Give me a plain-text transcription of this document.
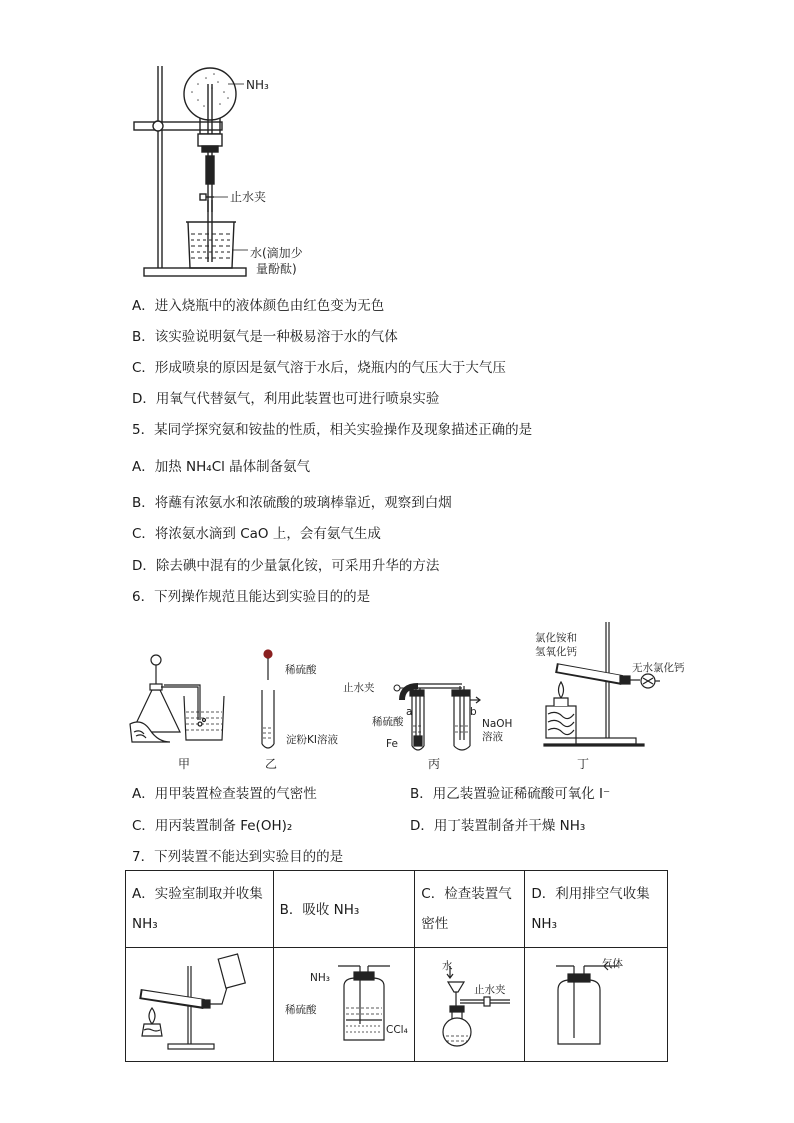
NH₃
止水夹
水(滴加少
量酚酞)
A．进入烧瓶中的液体颜色由红色变为无色
B．该实验说明氨气是一种极易溶于水的气体
C．形成喷泉的原因是氨气溶于水后，烧瓶内的气压大于大气压
D．用氧气代替氨气，利用此装置也可进行喷泉实验
5．某同学探究氨和铵盐的性质，相关实验操作及现象描述正确的是
A．加热 NH₄Cl 晶体制备氨气
B．将蘸有浓氨水和浓硫酸的玻璃棒靠近，观察到白烟
C．将浓氨水滴到 CaO 上，会有氨气生成
D．除去碘中混有的少量氯化铵，可采用升华的方法
6．下列操作规范且能达到实验目的的是
甲
稀硫酸
淀粉KI溶液
乙
止水夹
a	b
稀硫酸
Fe
NaOH
溶液
丙
氯化铵和
氢氧化钙
无水氯化钙
丁
A．用甲装置检查装置的气密性	B．用乙装置验证稀硫酸可氧化 I⁻
C．用丙装置制备 Fe(OH)₂	D．用丁装置制备并干燥 NH₃
7．下列装置不能达到实验目的的是
A．实验室制取并收集 NH₃	B．吸收 NH₃	C．检查装置气密性	D．利用排空气收集 NH₃

NH₃
稀硫酸
CCl₄
水
止水夹
气体
